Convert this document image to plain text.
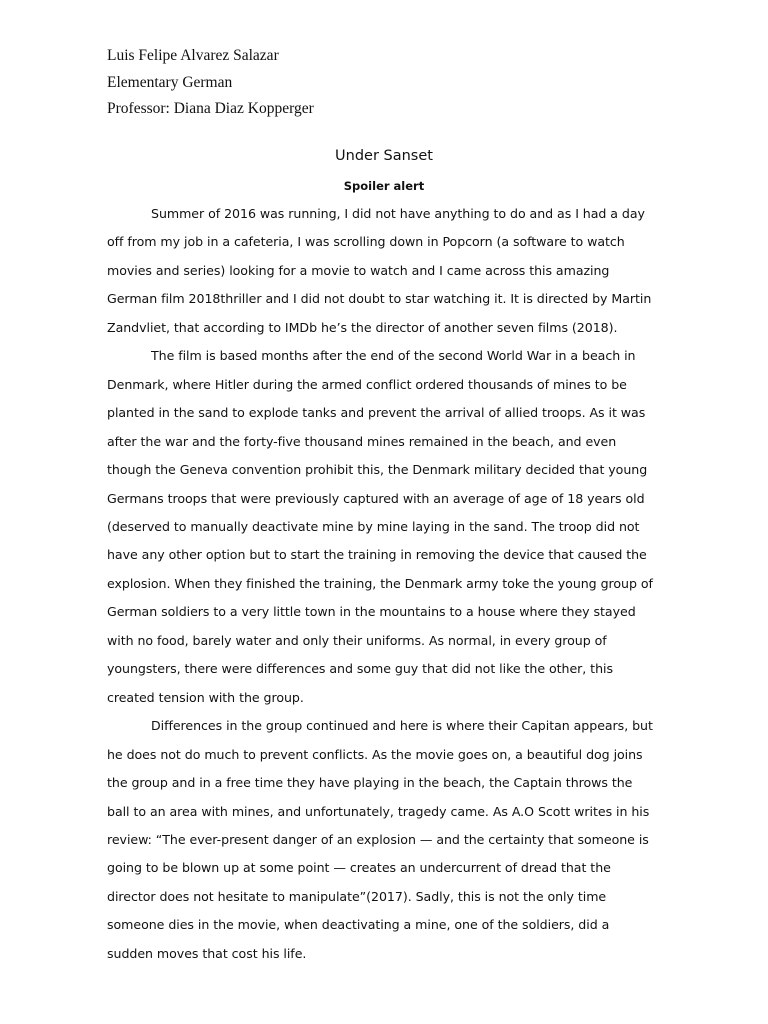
Luis Felipe Alvarez Salazar
Elementary German
Professor: Diana Diaz Kopperger
Under Sanset
Spoiler alert

Summer of 2016 was running, I did not have anything to do and as I had a day off from my job in a cafeteria, I was scrolling down in Popcorn (a software to watch movies and series) looking for a movie to watch and I came across this amazing German film 2018thriller and I did not doubt to star watching it. It is directed by Martin Zandvliet, that according to IMDb he’s the director of another seven films (2018).

The film is based months after the end of the second World War in a beach in Denmark, where Hitler during the armed conflict ordered thousands of mines to be planted in the sand to explode tanks and prevent the arrival of allied troops. As it was after the war and the forty-five thousand mines remained in the beach, and even though the Geneva convention prohibit this, the Denmark military decided that young Germans troops that were previously captured with an average of age of 18 years old (deserved to manually deactivate mine by mine laying in the sand. The troop did not have any other option but to start the training in removing the device that caused the explosion. When they finished the training, the Denmark army toke the young group of German soldiers to a very little town in the mountains to a house where they stayed with no food, barely water and only their uniforms. As normal, in every group of youngsters, there were differences and some guy that did not like the other, this created tension with the group.

Differences in the group continued and here is where their Capitan appears, but he does not do much to prevent conflicts. As the movie goes on, a beautiful dog joins the group and in a free time they have playing in the beach, the Captain throws the ball to an area with mines, and unfortunately, tragedy came. As A.O Scott writes in his review: “The ever-present danger of an explosion — and the certainty that someone is going to be blown up at some point — creates an undercurrent of dread that the director does not hesitate to manipulate”(2017). Sadly, this is not the only time someone dies in the movie, when deactivating a mine, one of the soldiers, did a sudden moves that cost his life.
